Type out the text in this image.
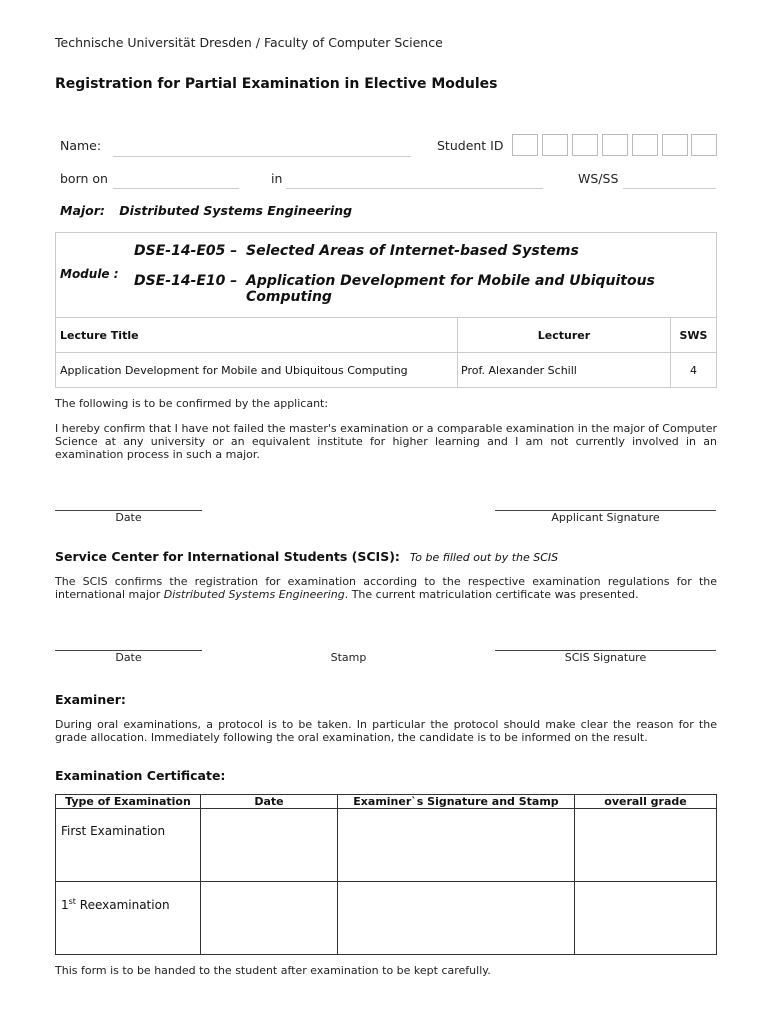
Technische Universität Dresden / Faculty of Computer Science
Registration for Partial Examination in Elective Modules
Name:	Student ID
born on	in	WS/SS
Major: Distributed Systems Engineering
Module :
DSE-14-E05 – Selected Areas of Internet-based Systems
DSE-14-E10 – Application Development for Mobile and Ubiquitous Computing		

Lecture Title	Lecturer	SWS
Application Development for Mobile and Ubiquitous Computing	Prof. Alexander Schill	4
The following is to be confirmed by the applicant:
I hereby confirm that I have not failed the master's examination or a comparable examination in the major of Computer Science at any university or an equivalent institute for higher learning and I am not currently involved in an examination process in such a major.
Date	Applicant Signature
Service Center for International Students (SCIS): To be filled out by the SCIS
The SCIS confirms the registration for examination according to the respective examination regulations for the international major Distributed Systems Engineering. The current matriculation certificate was presented.
Date	Stamp	SCIS Signature
Examiner:
During oral examinations, a protocol is to be taken. In particular the protocol should make clear the reason for the grade allocation. Immediately following the oral examination, the candidate is to be informed on the result.
Examination Certificate:
Type of Examination	Date	Examiner`s Signature and Stamp	overall grade

First Examination			

1st Reexamination			

This form is to be handed to the student after examination to be kept carefully.
